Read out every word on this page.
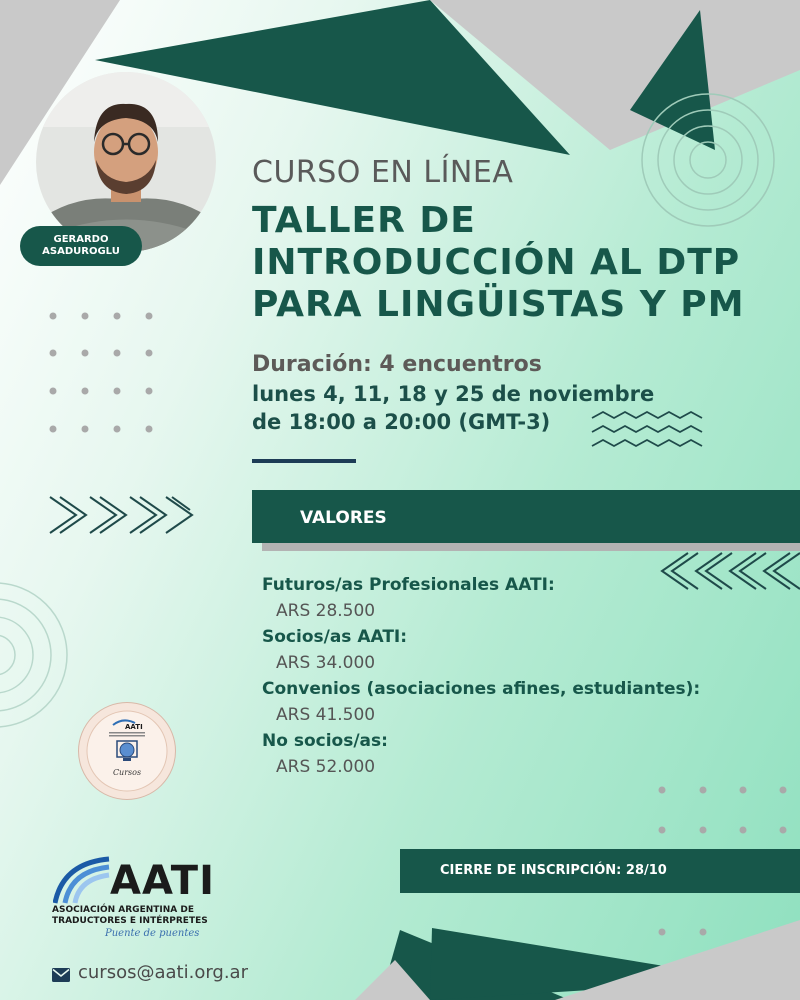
GERARDO
ASADUROGLU
CURSO EN LÍNEA
TALLER DE
INTRODUCCIÓN AL DTP
PARA LINGÜISTAS Y PM
Duración: 4 encuentros
lunes 4, 11, 18 y 25 de noviembre
de 18:00 a 20:00 (GMT-3)
VALORES
Futuros/as Profesionales AATI:
ARS 28.500
Socios/as AATI:
ARS 34.000
Convenios (asociaciones afines, estudiantes):
ARS 41.500
No socios/as:
ARS 52.000
AATI
Cursos
CIERRE DE INSCRIPCIÓN: 28/10
AATI
ASOCIACIÓN ARGENTINA DE
TRADUCTORES E INTÉRPRETES
Puente de puentes
cursos@aati.org.ar
